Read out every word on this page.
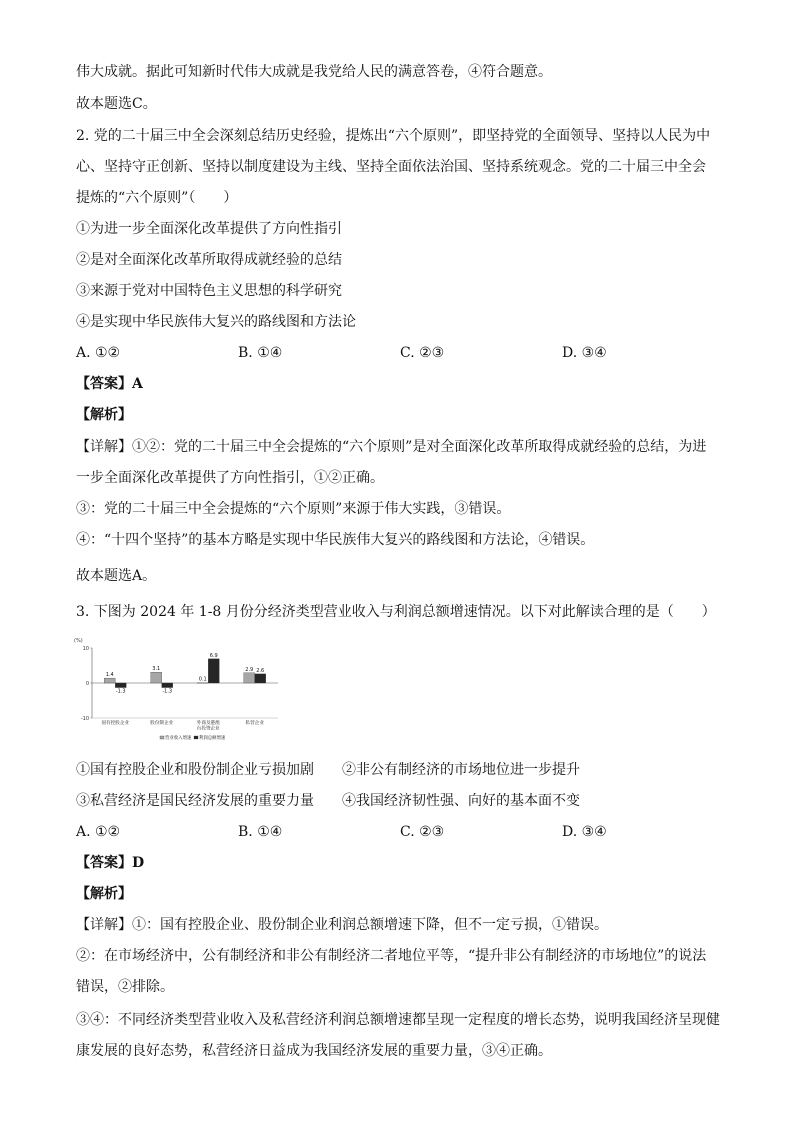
伟大成就。据此可知新时代伟大成就是我党给人民的满意答卷，④符合题意。
故本题选C。
2. 党的二十届三中全会深刻总结历史经验，提炼出“六个原则”，即坚持党的全面领导、坚持以人民为中
心、坚持守正创新、坚持以制度建设为主线、坚持全面依法治国、坚持系统观念。党的二十届三中全会
提炼的“六个原则”（　　）
①为进一步全面深化改革提供了方向性指引
②是对全面深化改革所取得成就经验的总结
③来源于党对中国特色主义思想的科学研究
④是实现中华民族伟大复兴的路线图和方法论
A. ①②	B. ①④	C. ②③	D. ③④
【答案】A
【解析】
【详解】①②：党的二十届三中全会提炼的“六个原则”是对全面深化改革所取得成就经验的总结，为进
一步全面深化改革提供了方向性指引，①②正确。
③：党的二十届三中全会提炼的“六个原则”来源于伟大实践，③错误。
④：“十四个坚持”的基本方略是实现中华民族伟大复兴的路线图和方法论，④错误。
故本题选A。
3. 下图为 2024 年 1-8 月份分经济类型营业收入与利润总额增速情况。以下对此解读合理的是（　　）
(%)
10
0
-10
1.4
-1.3
3.1
-1.3
0.1
6.9
2.9 2.6
国有控股企业	股份制企业	外商及港澳
台投资企业
私营企业
营业收入增速 利润总额增速
①国有控股企业和股份制企业亏损加剧 ②非公有制经济的市场地位进一步提升
③私营经济是国民经济发展的重要力量 ④我国经济韧性强、向好的基本面不变
A. ①②	B. ①④	C. ②③	D. ③④
【答案】D
【解析】
【详解】①：国有控股企业、股份制企业利润总额增速下降，但不一定亏损，①错误。
②：在市场经济中，公有制经济和非公有制经济二者地位平等，“提升非公有制经济的市场地位”的说法
错误，②排除。
③④：不同经济类型营业收入及私营经济利润总额增速都呈现一定程度的增长态势，说明我国经济呈现健
康发展的良好态势，私营经济日益成为我国经济发展的重要力量，③④正确。
